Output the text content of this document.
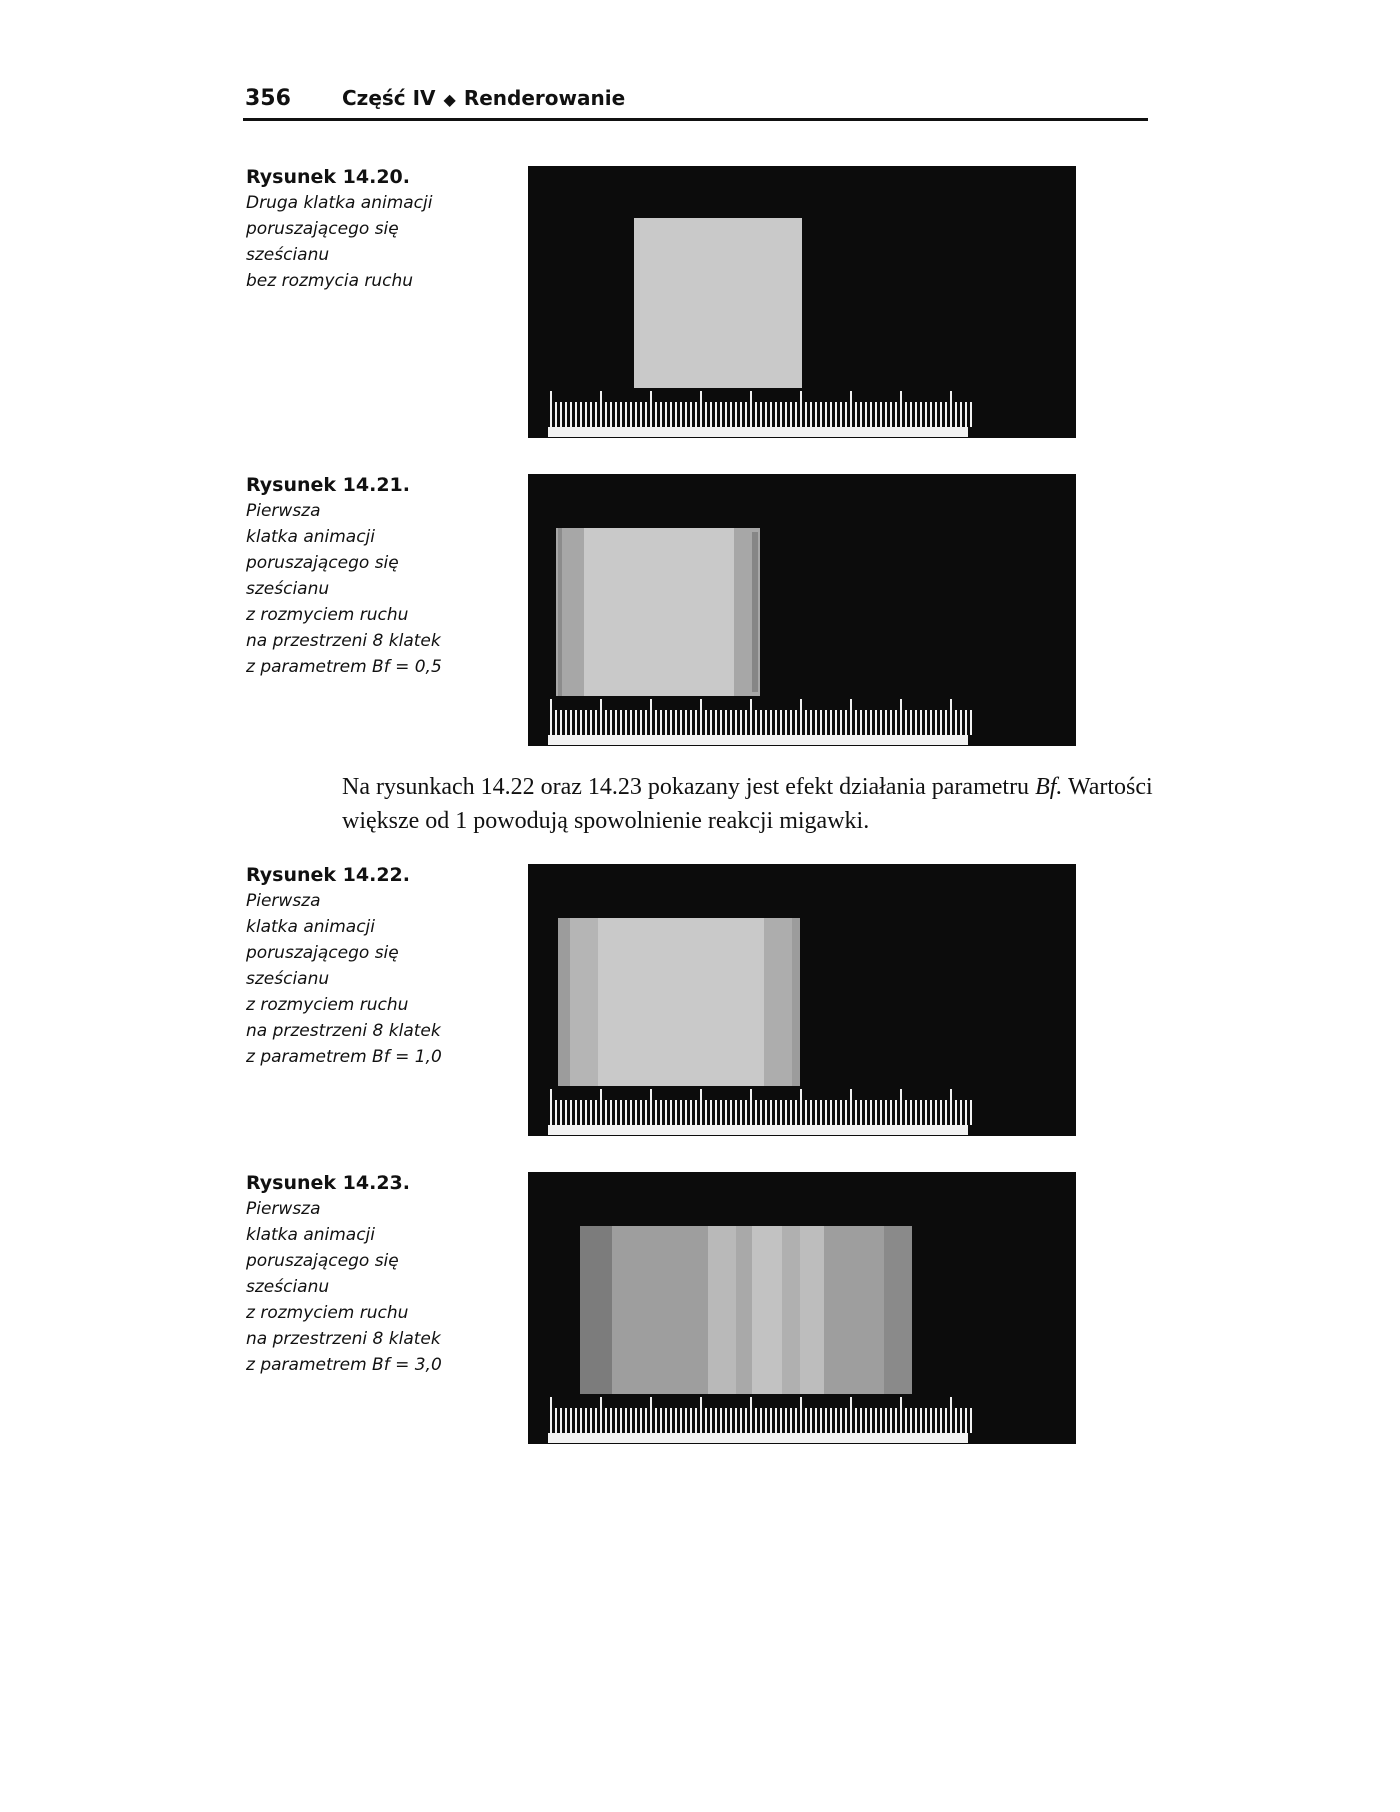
356	Część IV ◆ Renderowanie
Rysunek 14.20.
Druga klatka animacji
poruszającego się
sześcianu
bez rozmycia ruchu
Rysunek 14.21.
Pierwsza
klatka animacji
poruszającego się
sześcianu
z rozmyciem ruchu
na przestrzeni 8 klatek
z parametrem Bf = 0,5
Na rysunkach 14.22 oraz 14.23 pokazany jest efekt działania parametru Bf. Wartości większe od 1 powodują spowolnienie reakcji migawki.
Rysunek 14.22.
Pierwsza
klatka animacji
poruszającego się
sześcianu
z rozmyciem ruchu
na przestrzeni 8 klatek
z parametrem Bf = 1,0
Rysunek 14.23.
Pierwsza
klatka animacji
poruszającego się
sześcianu
z rozmyciem ruchu
na przestrzeni 8 klatek
z parametrem Bf = 3,0
